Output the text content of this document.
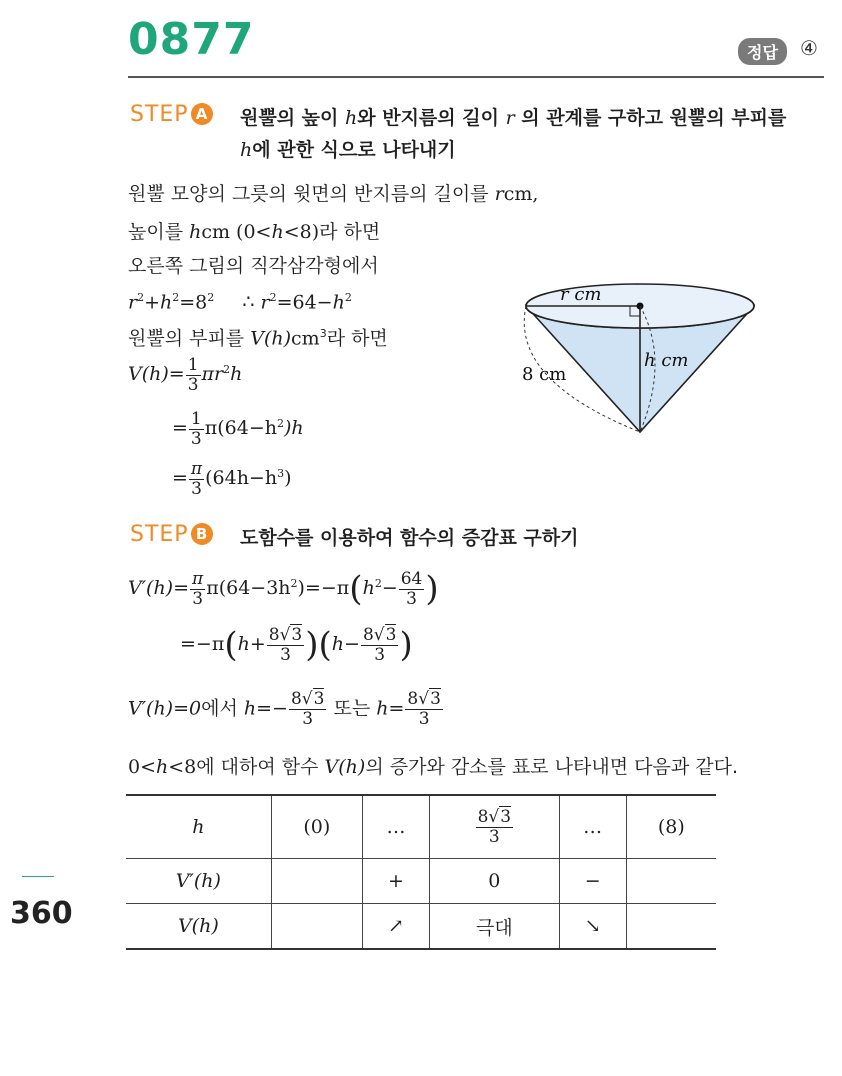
0877	정답	④
STEP A 원뿔의 높이 h와 반지름의 길이 r 의 관계를 구하고 원뿔의 부피를
h에 관한 식으로 나타내기
원뿔 모양의 그릇의 윗면의 반지름의 길이를 rcm,
높이를 hcm (0<h<8)라 하면
오른쪽 그림의 직각삼각형에서
$r^2+h^2=8^2$ ∴ $r^2=64-h^2$
원뿔의 부피를 $V(h)cm^3$라 하면
$V(h)= \frac{1}{3} \pi r^2h$
= $\frac{1}{3} \pi(64-h^2)h$
= $\frac{\pi}{3} (64h-h^3)$
r cm
8 cm
h cm
STEP B 도함수를 이용하여 함수의 증감표 구하기
$V'(h)= \frac{\pi}{3} \pi(64-3h^2)=-\pi(h^2- \frac{64}{3}$ )
$=-\pi(h+ \frac{8√3}{3} )(h- \frac{8√3}{3}$ )
V′(h)=0에서 $h=- \frac{8√3}{3}$ 또는 $h= \frac{8√3}{3}$
0<h<8에 대하여 함수 V(h)의 증가와 감소를 표로 나타내면 다음과 같다.
h	(0)	…	$\frac{8√3}{3}$	…	(8)
V′(h)		+	0	−	
V(h)		↗	극대	↘	
360
